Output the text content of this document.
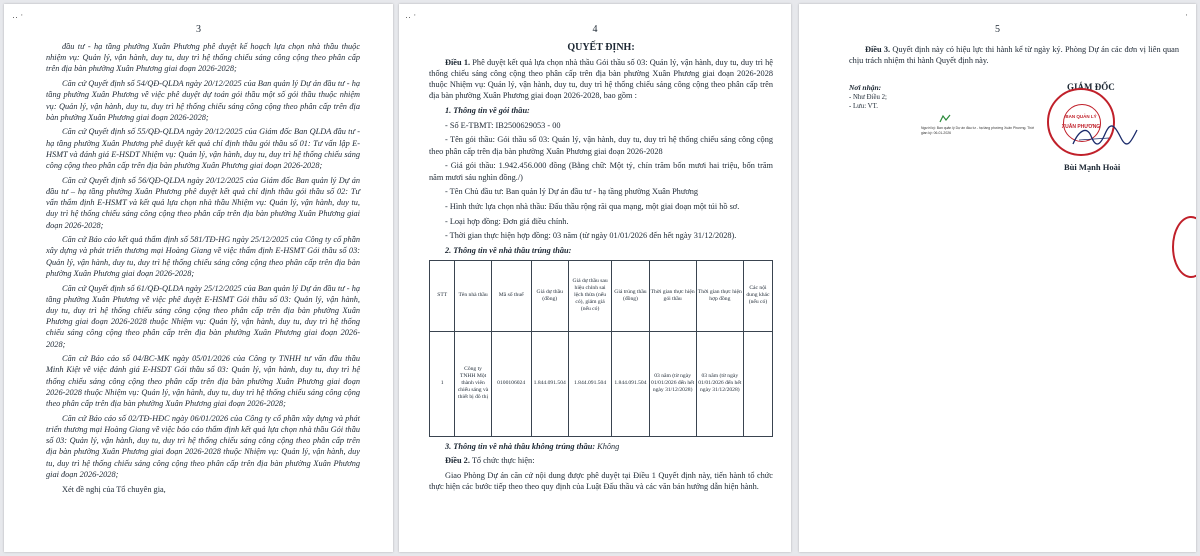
‥ ·
3

đầu tư - hạ tầng phường Xuân Phương phê duyệt kế hoạch lựa chọn nhà thầu thuộc nhiệm vụ: Quản lý, vận hành, duy tu, duy trì hệ thống chiếu sáng công cộng theo phân cấp trên địa bàn phường Xuân Phương giai đoạn 2026-2028;

Căn cứ Quyết định số 54/QĐ-QLDA ngày 20/12/2025 của Ban quản lý Dự án đầu tư - hạ tầng phường Xuân Phương về việc phê duyệt dự toán gói thầu một số gói thầu thuộc nhiệm vụ: Quản lý, vận hành, duy tu, duy trì hệ thống chiếu sáng công cộng theo phân cấp trên địa bàn phường Xuân Phương giai đoạn 2026-2028;

Căn cứ Quyết định số 55/QĐ-QLDA ngày 20/12/2025 của Giám đốc Ban QLDA đầu tư - hạ tầng phường Xuân Phương phê duyệt kết quả chỉ định thầu gói thầu số 01: Tư vấn lập E-HSMT và đánh giá E-HSDT Nhiệm vụ: Quản lý, vận hành, duy tu, duy trì hệ thống chiếu sáng công cộng theo phân cấp trên địa bàn phường Xuân Phương giai đoạn 2026-2028;

Căn cứ Quyết định số 56/QĐ-QLDA ngày 20/12/2025 của Giám đốc Ban quản lý Dự án đầu tư – hạ tầng phường Xuân Phương phê duyệt kết quả chỉ định thầu gói thầu số 02: Tư vấn thẩm định E-HSMT và kết quả lựa chọn nhà thầu Nhiệm vụ: Quản lý, vận hành, duy tu, duy trì hệ thống chiếu sáng công cộng theo phân cấp trên địa bàn phường Xuân Phương giai đoạn 2026-2028;

Căn cứ Báo cáo kết quả thẩm định số 581/TĐ-HG ngày 25/12/2025 của Công ty cổ phần xây dựng và phát triển thương mại Hoàng Giang về việc thẩm định E-HSMT Gói thầu số 03: Quản lý, vận hành, duy tu, duy trì hệ thống chiếu sáng công cộng theo phân cấp trên địa bàn phường Xuân Phương giai đoạn 2026-2028;

Căn cứ Quyết định số 61/QĐ-QLDA ngày 25/12/2025 của Ban quản lý Dự án đầu tư - hạ tầng phường Xuân Phương về việc phê duyệt E-HSMT Gói thầu số 03: Quản lý, vận hành, duy tu, duy trì hệ thống chiếu sáng công cộng theo phân cấp trên địa bàn phường Xuân Phương giai đoạn 2026-2028 thuộc Nhiệm vụ: Quản lý, vận hành, duy tu, duy trì hệ thống chiếu sáng công cộng theo phân cấp trên địa bàn phường Xuân Phương giai đoạn 2026-2028;

Căn cứ Báo cáo số 04/BC-MK ngày 05/01/2026 của Công ty TNHH tư vấn đầu thầu Minh Kiệt về việc đánh giá E-HSDT Gói thầu số 03: Quản lý, vận hành, duy tu, duy trì hệ thống chiếu sáng công cộng theo phân cấp trên địa bàn phường Xuân Phương giai đoạn 2026-2028 thuộc Nhiệm vụ: Quản lý, vận hành, duy tu, duy trì hệ thống chiếu sáng công cộng theo phân cấp trên địa bàn phường Xuân Phương giai đoạn 2026-2028;

Căn cứ Báo cáo số 02/TĐ-HĐC ngày 06/01/2026 của Công ty cổ phần xây dựng và phát triển thương mại Hoàng Giang về việc báo cáo thẩm định kết quả lựa chọn nhà thầu Gói thầu số 03: Quản lý, vận hành, duy tu, duy trì hệ thống chiếu sáng công cộng theo phân cấp trên địa bàn phường Xuân Phương giai đoạn 2026-2028 thuộc Nhiệm vụ: Quản lý, vận hành, duy tu, duy trì hệ thống chiếu sáng công cộng theo phân cấp trên địa bàn phường Xuân Phương giai đoạn 2026-2028;

Xét đề nghị của Tổ chuyên gia,

‥ ·
4

QUYẾT ĐỊNH:

Điều 1. Phê duyệt kết quả lựa chọn nhà thầu Gói thầu số 03: Quản lý, vận hành, duy tu, duy trì hệ thống chiếu sáng công cộng theo phân cấp trên địa bàn phường Xuân Phương giai đoạn 2026-2028 thuộc Nhiệm vụ: Quản lý, vận hành, duy tu, duy trì hệ thống chiếu sáng công cộng theo phân cấp trên địa bàn phường Xuân Phương giai đoạn 2026-2028, bao gồm :

1. Thông tin về gói thầu:

- Số E-TBMT: IB2500629053 - 00

- Tên gói thầu: Gói thầu số 03: Quản lý, vận hành, duy tu, duy trì hệ thống chiếu sáng công cộng theo phân cấp trên địa bàn phường Xuân Phương giai đoạn 2026-2028

- Giá gói thầu: 1.942.456.000 đồng (Bằng chữ: Một tỷ, chín trăm bốn mươi hai triệu, bốn trăm năm mươi sáu nghìn đồng./)

- Tên Chủ đầu tư: Ban quản lý Dự án đầu tư - hạ tầng phường Xuân Phương

- Hình thức lựa chọn nhà thầu: Đấu thầu rộng rãi qua mạng, một giai đoạn một túi hồ sơ.

- Loại hợp đồng: Đơn giá điều chỉnh.

- Thời gian thực hiện hợp đồng: 03 năm (từ ngày 01/01/2026 đến hết ngày 31/12/2028).

2. Thông tin về nhà thầu trúng thầu:

STT	Tên nhà thầu	Mã số thuế	Giá dự thầu (đồng)	Giá dự thầu sau hiệu chỉnh sai lệch thừa (nếu có), giảm giá (nếu có)	Giá trúng thầu (đồng)	Thời gian thực hiện gói thầu	Thời gian thực hiện hợp đồng	Các nội dung khác (nếu có)
1	Công ty TNHH Một thành viên chiếu sáng và thiết bị đô thị	0100106024	1.844.091.504	1.844.091.504	1.844.091.504	03 năm (từ ngày 01/01/2026 đến hết ngày 31/12/2028)	03 năm (từ ngày 01/01/2026 đến hết ngày 31/12/2028)	

3. Thông tin về nhà thầu không trúng thầu: Không

Điều 2. Tổ chức thực hiện:

Giao Phòng Dự án căn cứ nội dung được phê duyệt tại Điều 1 Quyết định này, tiến hành tổ chức thực hiện các bước tiếp theo theo quy định của Luật Đấu thầu và các văn bản hướng dẫn hiện hành.

·
5

Điều 3. Quyết định này có hiệu lực thi hành kể từ ngày ký. Phòng Dự án các đơn vị liên quan chịu trách nhiệm thi hành Quyết định này.

Nơi nhận:
- Như Điều 2;
- Lưu: VT.
GIÁM ĐỐC
Người ký: Ban quản lý Dự án đầu tư - hạ tầng phường Xuân Phương. Thời gian ký: 06-01-2026
BAN QUẢN LÝ
XUÂN PHƯƠNG
Bùi Mạnh Hoài
